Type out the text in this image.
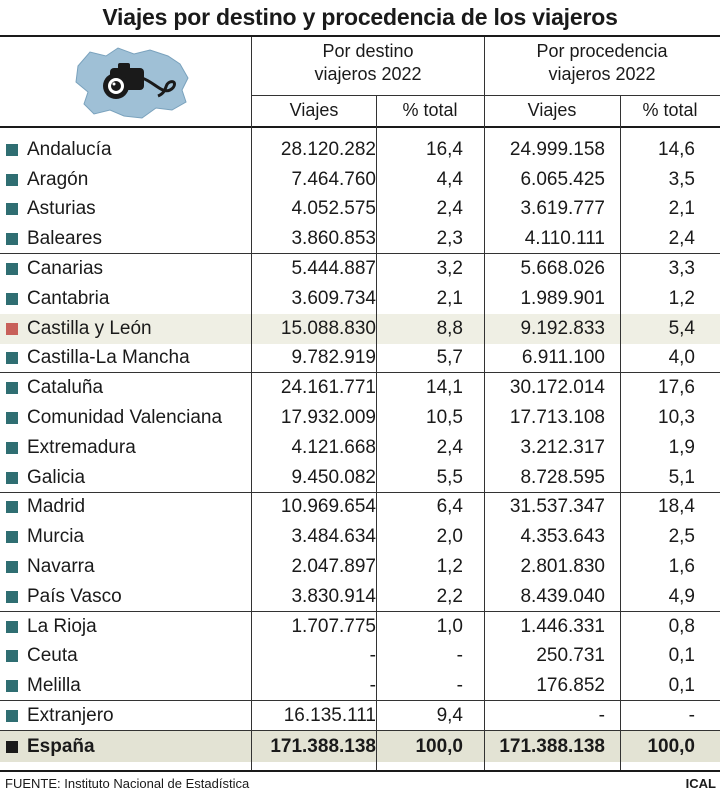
Viajes por destino y procedencia de los viajeros
Por destino
viajeros 2022
Por procedencia
viajeros 2022
Viajes	% total	Viajes	% total
Andalucía	28.120.282	16,4	24.999.158	14,6
Aragón	7.464.760	4,4	6.065.425	3,5
Asturias	4.052.575	2,4	3.619.777	2,1
Baleares	3.860.853	2,3	4.110.111	2,4
Canarias	5.444.887	3,2	5.668.026	3,3
Cantabria	3.609.734	2,1	1.989.901	1,2
Castilla y León	15.088.830	8,8	9.192.833	5,4
Castilla-La Mancha	9.782.919	5,7	6.911.100	4,0
Cataluña	24.161.771	14,1	30.172.014	17,6
Comunidad Valenciana	17.932.009	10,5	17.713.108	10,3
Extremadura	4.121.668	2,4	3.212.317	1,9
Galicia	9.450.082	5,5	8.728.595	5,1
Madrid	10.969.654	6,4	31.537.347	18,4
Murcia	3.484.634	2,0	4.353.643	2,5
Navarra	2.047.897	1,2	2.801.830	1,6
País Vasco	3.830.914	2,2	8.439.040	4,9
La Rioja	1.707.775	1,0	1.446.331	0,8
Ceuta	-	-	250.731	0,1
Melilla	-	-	176.852	0,1
Extranjero	16.135.111	9,4	-	-
España	171.388.138	100,0	171.388.138	100,0
FUENTE: Instituto Nacional de Estadística	ICAL
